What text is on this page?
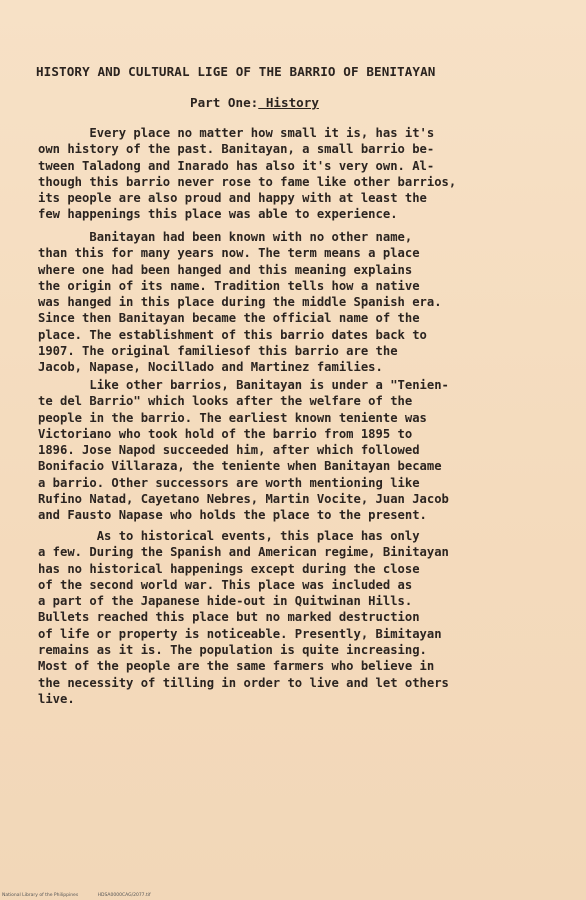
HISTORY AND CULTURAL LIGE OF THE BARRIO OF BENITAYAN
Part One: History
Every place no matter how small it is, has it's
own history of the past. Banitayan, a small barrio be-
tween Taladong and Inarado has also it's very own. Al-
though this barrio never rose to fame like other barrios,
its people are also proud and happy with at least the
few happenings this place was able to experience.
Banitayan had been known with no other name,
than this for many years now. The term means a place
where one had been hanged and this meaning explains
the origin of its name. Tradition tells how a native
was hanged in this place during the middle Spanish era.
Since then Banitayan became the official name of the
place. The establishment of this barrio dates back to
1907. The original familiesof this barrio are the
Jacob, Napase, Nocillado and Martinez families.
Like other barrios, Banitayan is under a "Tenien-
te del Barrio" which looks after the welfare of the
people in the barrio. The earliest known teniente was
Victoriano who took hold of the barrio from 1895 to
1896. Jose Napod succeeded him, after which followed
Bonifacio Villaraza, the teniente when Banitayan became
a barrio. Other successors are worth mentioning like
Rufino Natad, Cayetano Nebres, Martin Vocite, Juan Jacob
and Fausto Napase who holds the place to the present.
As to historical events, this place has only
a few. During the Spanish and American regime, Binitayan
has no historical happenings except during the close
of the second world war. This place was included as
a part of the Japanese hide-out in Quitwinan Hills.
Bullets reached this place but no marked destruction
of life or property is noticeable. Presently, Bimitayan
remains as it is. The population is quite increasing.
Most of the people are the same farmers who believe in
the necessity of tilling in order to live and let others
live.
National Library of the Philippines	HDSA0000CAG/2077.tif
